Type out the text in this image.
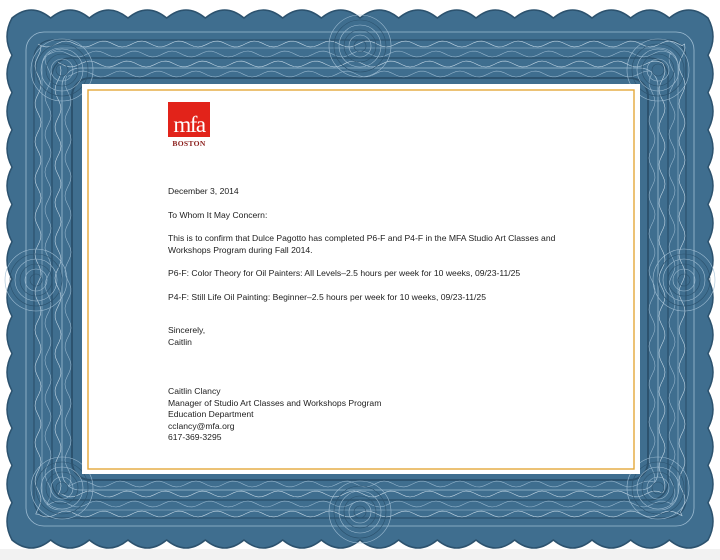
mfa
BOSTON

December 3, 2014

To Whom It May Concern:

This is to confirm that Dulce Pagotto has completed P6-F and P4-F in the MFA Studio Art Classes and

Workshops Program during Fall 2014.

P6-F: Color Theory for Oil Painters: All Levels–2.5 hours per week for 10 weeks, 09/23-11/25

P4-F: Still Life Oil Painting: Beginner–2.5 hours per week for 10 weeks, 09/23-11/25

Sincerely,

Caitlin

Caitlin Clancy

Manager of Studio Art Classes and Workshops Program

Education Department

cclancy@mfa.org

617-369-3295
